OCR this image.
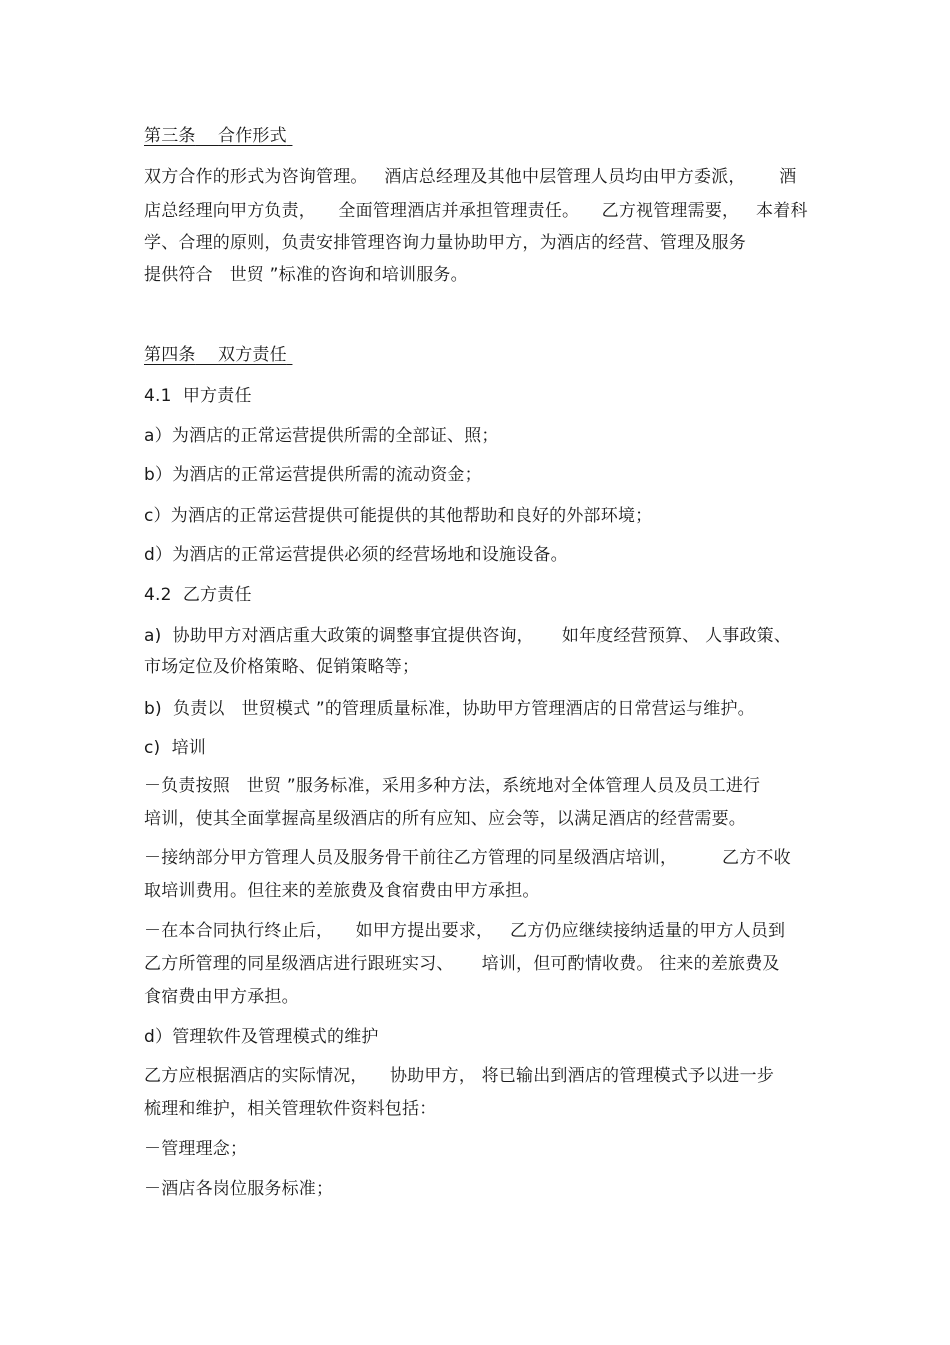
第三条 合作形式
双方合作的形式为咨询管理。   酒店总经理及其他中层管理人员均由甲方委派，      酒
店总经理向甲方负责，    全面管理酒店并承担管理责任。    乙方视管理需要，   本着科
学、合理的原则，负责安排管理咨询力量协助甲方，为酒店的经营、管理及服务
提供符合   世贸 ”标准的咨询和培训服务。
第四条 双方责任
4.1  甲方责任
a）为酒店的正常运营提供所需的全部证、照；
b）为酒店的正常运营提供所需的流动资金；
c）为酒店的正常运营提供可能提供的其他帮助和良好的外部环境；
d）为酒店的正常运营提供必须的经营场地和设施设备。
4.2  乙方责任
a)  协助甲方对酒店重大政策的调整事宜提供咨询，     如年度经营预算、 人事政策、
市场定位及价格策略、促销策略等；
b)  负责以   世贸模式 ”的管理质量标准，协助甲方管理酒店的日常营运与维护。
c)  培训
－负责按照   世贸 ”服务标准，采用多种方法，系统地对全体管理人员及员工进行
培训，使其全面掌握高星级酒店的所有应知、应会等，以满足酒店的经营需要。
－接纳部分甲方管理人员及服务骨干前往乙方管理的同星级酒店培训，        乙方不收
取培训费用。但往来的差旅费及食宿费由甲方承担。
－在本合同执行终止后，    如甲方提出要求，   乙方仍应继续接纳适量的甲方人员到
乙方所管理的同星级酒店进行跟班实习、     培训，但可酌情收费。 往来的差旅费及
食宿费由甲方承担。
d）管理软件及管理模式的维护
乙方应根据酒店的实际情况，    协助甲方， 将已输出到酒店的管理模式予以进一步
梳理和维护，相关管理软件资料包括：
－管理理念；
－酒店各岗位服务标准；
